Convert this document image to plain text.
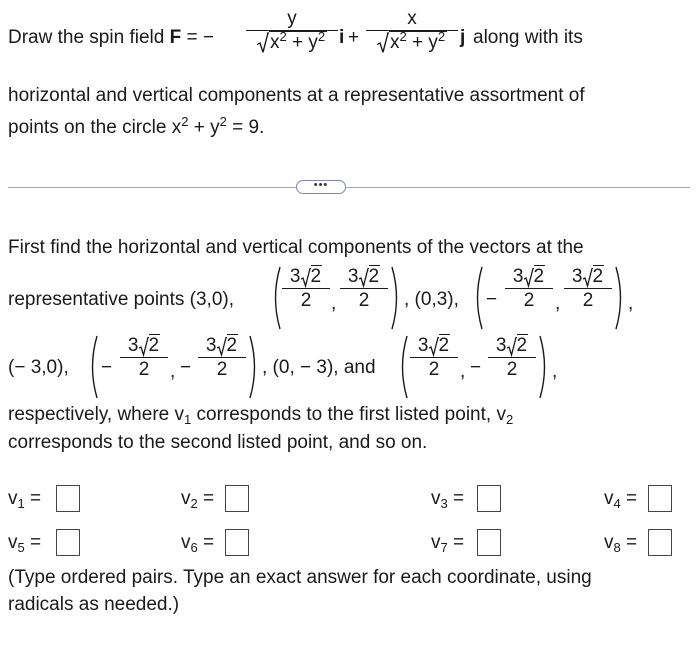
Draw the spin field F = −
y
$x^2 + y^2$ i +
x
$x^2 + y^2$ j along with its
horizontal and vertical components at a representative assortment of
points on the circle $x^2 + y^2 = 9$.
•••
First find the horizontal and vertical components of the vectors at the
representative points (3,0),
3 2
2	,
3 2
2	, (0,3), −
3 2
2	,
3 2
2	,
(− 3,0), −
3 2
2	, −
3 2
2	, (0, − 3), and
3 2
2	, −
3 2
2	,
respectively, where $v_1$ corresponds to the first listed point, $v_2$
corresponds to the second listed point, and so on.
$v_1$ =	$v_2$ =	$v_3$ =	$v_4$ =
$v_5$ =	$v_6$ =	$v_7$ =	$v_8$ =
(Type ordered pairs. Type an exact answer for each coordinate, using
radicals as needed.)
